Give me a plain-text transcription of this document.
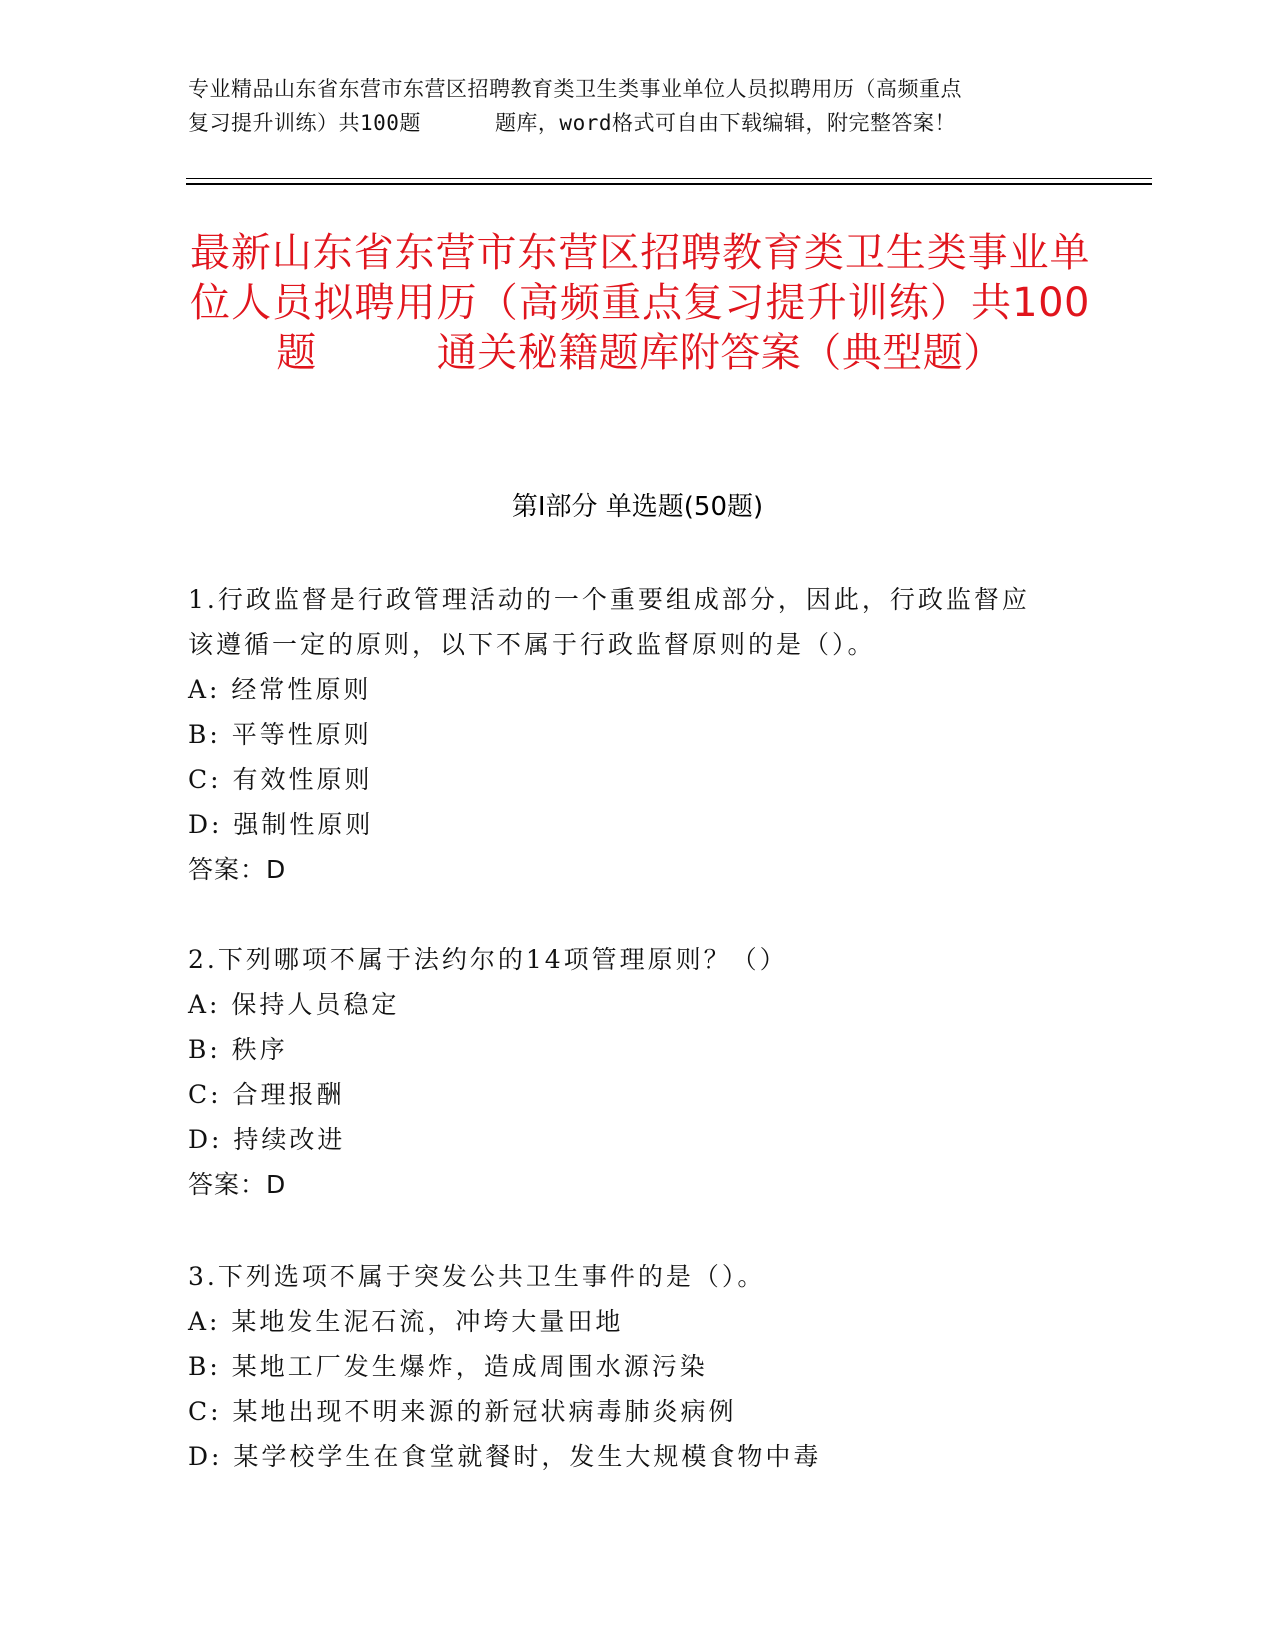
专业精品山东省东营市东营区招聘教育类卫生类事业单位人员拟聘用历（高频重点
复习提升训练）共100题	题库，word格式可自由下载编辑，附完整答案！
最新山东省东营市东营区招聘教育类卫生类事业单位人员拟聘用历（高频重点复习提升训练）共100题	通关秘籍题库附答案（典型题）
第I部分 单选题(50题)
1.行政监督是行政管理活动的一个重要组成部分，因此，行政监督应
该遵循一定的原则，以下不属于行政监督原则的是（）。
A: 经常性原则
B: 平等性原则
C: 有效性原则
D: 强制性原则
答案：D
2.下列哪项不属于法约尔的14项管理原则？（）
A: 保持人员稳定
B: 秩序
C: 合理报酬
D: 持续改进
答案：D
3.下列选项不属于突发公共卫生事件的是（）。
A: 某地发生泥石流，冲垮大量田地
B: 某地工厂发生爆炸，造成周围水源污染
C: 某地出现不明来源的新冠状病毒肺炎病例
D: 某学校学生在食堂就餐时，发生大规模食物中毒
